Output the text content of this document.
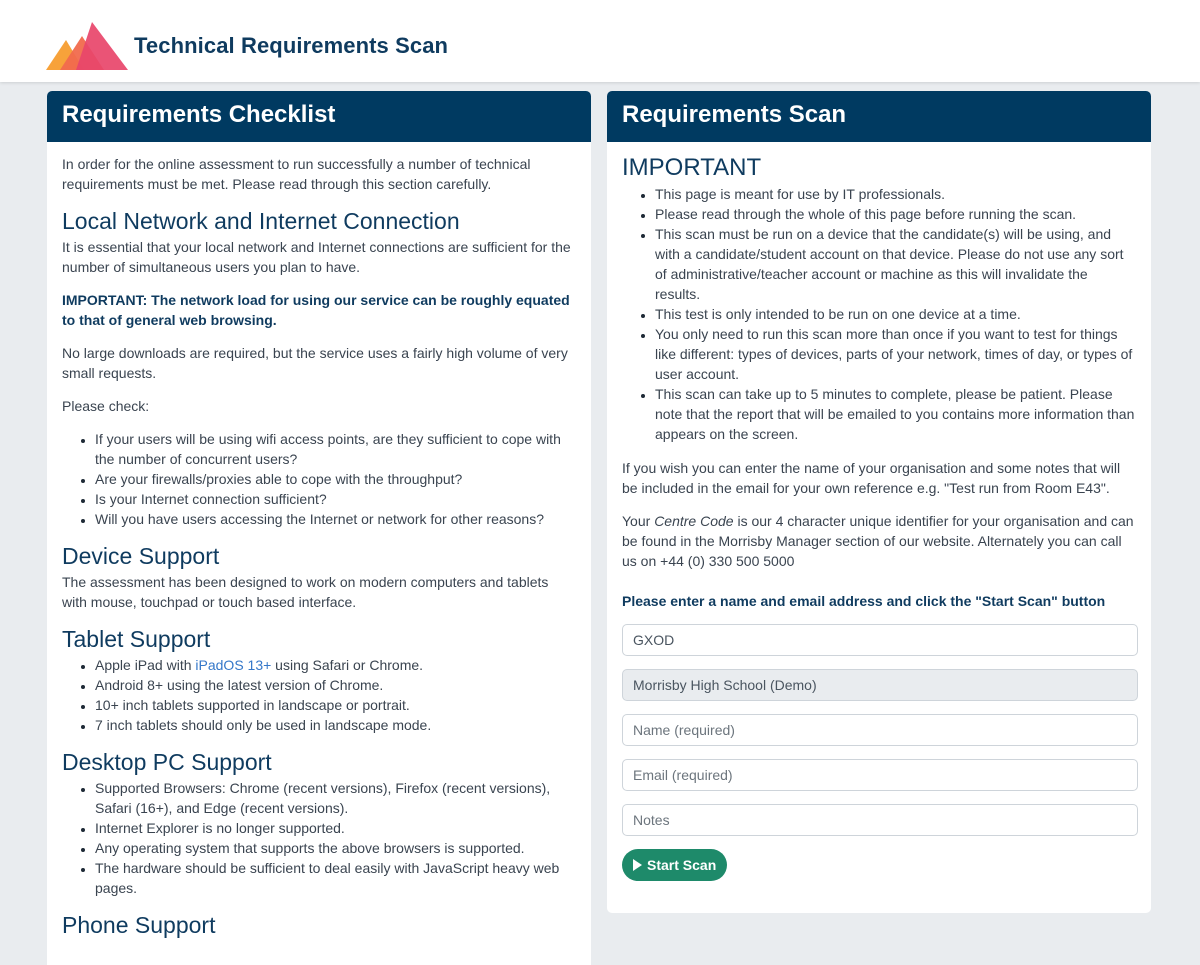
Technical Requirements Scan
Requirements Checklist

In order for the online assessment to run successfully a number of technical requirements must be met. Please read through this section carefully.

Local Network and Internet Connection

It is essential that your local network and Internet connections are sufficient for the number of simultaneous users you plan to have.

IMPORTANT: The network load for using our service can be roughly equated to that of general web browsing.

No large downloads are required, but the service uses a fairly high volume of very small requests.

Please check:

• If your users will be using wifi access points, are they sufficient to cope with the number of concurrent users?
• Are your firewalls/proxies able to cope with the throughput?
• Is your Internet connection sufficient?
• Will you have users accessing the Internet or network for other reasons?
Device Support

The assessment has been designed to work on modern computers and tablets with mouse, touchpad or touch based interface.

Tablet Support
• Apple iPad with iPadOS 13+ using Safari or Chrome.
• Android 8+ using the latest version of Chrome.
• 10+ inch tablets supported in landscape or portrait.
• 7 inch tablets should only be used in landscape mode.
Desktop PC Support
• Supported Browsers: Chrome (recent versions), Firefox (recent versions), Safari (16+), and Edge (recent versions).
• Internet Explorer is no longer supported.
• Any operating system that supports the above browsers is supported.
• The hardware should be sufficient to deal easily with JavaScript heavy web pages.
Phone Support
Requirements Scan
IMPORTANT
• This page is meant for use by IT professionals.
• Please read through the whole of this page before running the scan.
• This scan must be run on a device that the candidate(s) will be using, and with a candidate/student account on that device. Please do not use any sort of administrative/teacher account or machine as this will invalidate the results.
• This test is only intended to be run on one device at a time.
• You only need to run this scan more than once if you want to test for things like different: types of devices, parts of your network, times of day, or types of user account.
• This scan can take up to 5 minutes to complete, please be patient. Please note that the report that will be emailed to you contains more information than appears on the screen.

If you wish you can enter the name of your organisation and some notes that will be included in the email for your own reference e.g. "Test run from Room E43".

Your Centre Code is our 4 character unique identifier for your organisation and can be found in the Morrisby Manager section of our website. Alternately you can call us on +44 (0) 330 500 5000

Please enter a name and email address and click the "Start Scan" button

GXOD
Morrisby High School (Demo)
Name (required)
Email (required)
Notes
Start Scan
